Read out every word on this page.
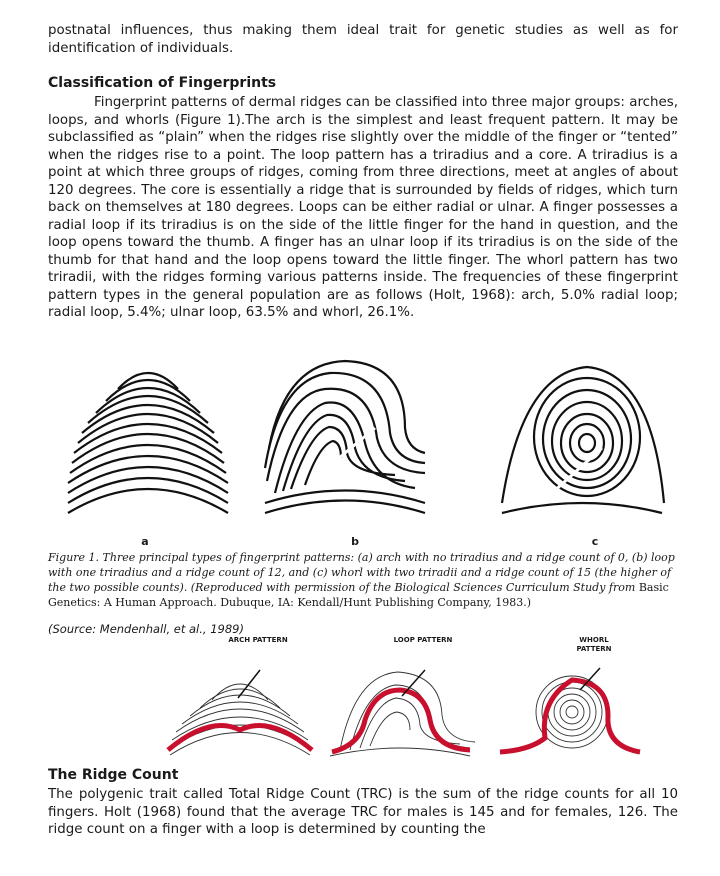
postnatal influences, thus making them ideal trait for genetic studies as well as for identification of individuals.

Classification of Fingerprints

Fingerprint patterns of dermal ridges can be classified into three major groups: arches, loops, and whorls (Figure 1).The arch is the simplest and least frequent pattern. It may be subclassified as “plain” when the ridges rise slightly over the middle of the finger or “tented” when the ridges rise to a point. The loop pattern has a triradius and a core. A triradius is a point at which three groups of ridges, coming from three directions, meet at angles of about 120 degrees. The core is essentially a ridge that is surrounded by fields of ridges, which turn back on themselves at 180 degrees. Loops can be either radial or ulnar. A finger possesses a radial loop if its triradius is on the side of the little finger for the hand in question, and the loop opens toward the thumb. A finger has an ulnar loop if its triradius is on the side of the thumb for that hand and the loop opens toward the little finger. The whorl pattern has two triradii, with the ridges forming various patterns inside. The frequencies of these fingerprint pattern types in the general population are as follows (Holt, 1968): arch, 5.0% radial loop; radial loop, 5.4%; ulnar loop, 63.5% and whorl, 26.1%.

a	b	c

Figure 1. Three principal types of fingerprint patterns: (a) arch with no triradius and a ridge count of 0, (b) loop with one triradius and a ridge count of 12, and (c) whorl with two triradii and a ridge count of 15 (the higher of the two possible counts). (Reproduced with permission of the Biological Sciences Curriculum Study from Basic Genetics: A Human Approach. Dubuque, IA: Kendall/Hunt Publishing Company, 1983.)

(Source: Mendenhall, et al., 1989)

ARCH PATTERN	LOOP PATTERN	WHORL PATTERN
The Ridge Count

The polygenic trait called Total Ridge Count (TRC) is the sum of the ridge counts for all 10 fingers. Holt (1968) found that the average TRC for males is 145 and for females, 126. The ridge count on a finger with a loop is determined by counting the
